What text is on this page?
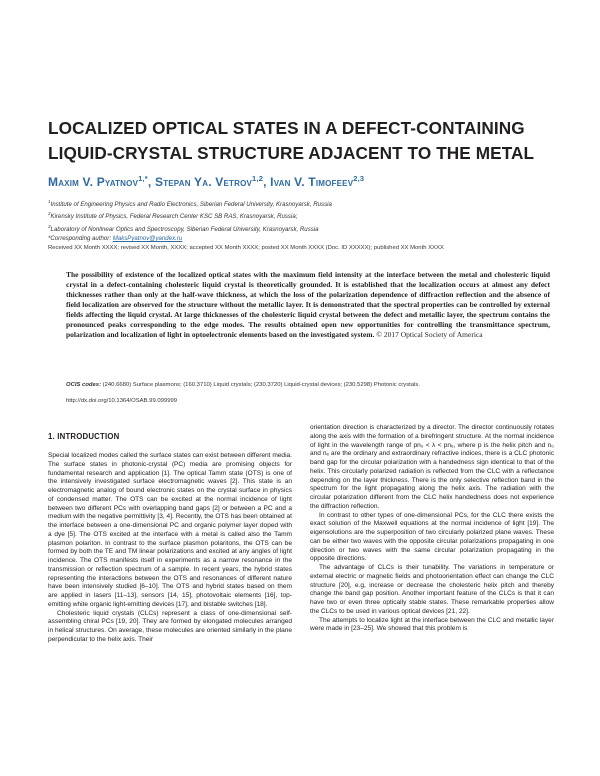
LOCALIZED OPTICAL STATES IN A DEFECT-CONTAINING
LIQUID-CRYSTAL STRUCTURE ADJACENT TO THE METAL
Maxim V. Pyatnov$^{1,*}$, Stepan Ya. Vetrov$^{1,2}$, Ivan V. Timofeev$^{2,3}$
$^1$Institute of Engineering Physics and Radio Electronics, Siberian Federal University, Krasnoyarsk, Russia
$^2$Kirensky Institute of Physics, Federal Research Center KSC SB RAS, Krasnoyarsk, Russia;
$^3$Laboratory of Nonlinear Optics and Spectroscopy, Siberian Federal University, Krasnoyarsk, Russia
*Corresponding author: MaksPyatnov@yandex.ru
Received XX Month XXXX; revised XX Month, XXXX; accepted XX Month XXXX; posted XX Month XXXX (Doc. ID XXXXX); published XX Month XXXX
The possibility of existence of the localized optical states with the maximum field intensity at the interface between the metal and cholesteric liquid crystal in a defect-containing cholesteric liquid crystal is theoretically grounded. It is established that the localization occurs at almost any defect thicknesses rather than only at the half-wave thickness, at which the loss of the polarization dependence of diffraction reflection and the absence of field localization are observed for the structure without the metallic layer. It is demonstrated that the spectral properties can be controlled by external fields affecting the liquid crystal. At large thicknesses of the cholesteric liquid crystal between the defect and metallic layer, the spectrum contains the pronounced peaks corresponding to the edge modes. The results obtained open new opportunities for controlling the transmittance spectrum, polarization and localization of light in optoelectronic elements based on the investigated system. © 2017 Optical Society of America
OCIS codes: (240.6680) Surface plasmons; (160.3710) Liquid crystals; (230.3720) Liquid-crystal devices; (230.5298) Photonic crystals.
http://dx.doi.org/10.1364/OSAB.99.099999
1. INTRODUCTION

Special localized modes called the surface states can exist between different media. The surface states in photonic-crystal (PC) media are promising objects for fundamental research and application [1]. The optical Tamm state (OTS) is one of the intensively investigated surface electromagnetic waves [2]. This state is an electromagnetic analog of bound electronic states on the crystal surface in physics of condensed matter. The OTS can be excited at the normal incidence of light between two different PCs with overlapping band gaps [2] or between a PC and a medium with the negative permittivity [3, 4]. Recently, the OTS has been obtained at the interface between a one-dimensional PC and organic polymer layer doped with a dye [5]. The OTS excited at the interface with a metal is called also the Tamm plasmon polariton. In contrast to the surface plasmon polaritons, the OTS can be formed by both the TE and TM linear polarizations and excited at any angles of light incidence. The OTS manifests itself in experiments as a narrow resonance in the transmission or reflection spectrum of a sample. In recent years, the hybrid states representing the interactions between the OTS and resonances of different nature have been intensively studied [6–10]. The OTS and hybrid states based on them are applied in lasers [11–13], sensors [14, 15], photovoltaic elements [16], top-emitting white organic light-emitting devices [17], and bistable switches [18].

Cholesteric liquid crystals (CLCs) represent a class of one-dimensional self-assembling chiral PCs [19, 20]. They are formed by elongated molecules arranged in helical structures. On average, these molecules are oriented similarly in the plane perpendicular to the helix axis. Their

orientation direction is characterized by a director. The director continuously rotates along the axis with the formation of a birefringent structure. At the normal incidence of light in the wavelength range of pn₀ < λ < pnₑ, where p is the helix pitch and n₀ and nₑ are the ordinary and extraordinary refractive indices, there is a CLC photonic band gap for the circular polarization with a handedness sign identical to that of the helix. This circularly polarized radiation is reflected from the CLC with a reflectance depending on the layer thickness. There is the only selective reflection band in the spectrum for the light propagating along the helix axis. The radiation with the circular polarization different from the CLC helix handedness does not experience the diffraction reflection.

In contrast to other types of one-dimensional PCs, for the CLC there exists the exact solution of the Maxwell equations at the normal incidence of light [19]. The eigensolutions are the superposition of two circularly polarized plane waves. These can be either two waves with the opposite circular polarizations propagating in one direction or two waves with the same circular polarization propagating in the opposite directions.

The advantage of CLCs is their tunability. The variations in temperature or external electric or magnetic fields and photoorientation effect can change the CLC structure [20], e.g, increase or decrease the cholesteric helix pitch and thereby change the band gap position. Another important feature of the CLCs is that it can have two or even three optically stable states. These remarkable properties allow the CLCs to be used in various optical devices [21, 22].

The attempts to localize light at the interface between the CLC and metallic layer were made in [23–25]. We showed that this problem is
